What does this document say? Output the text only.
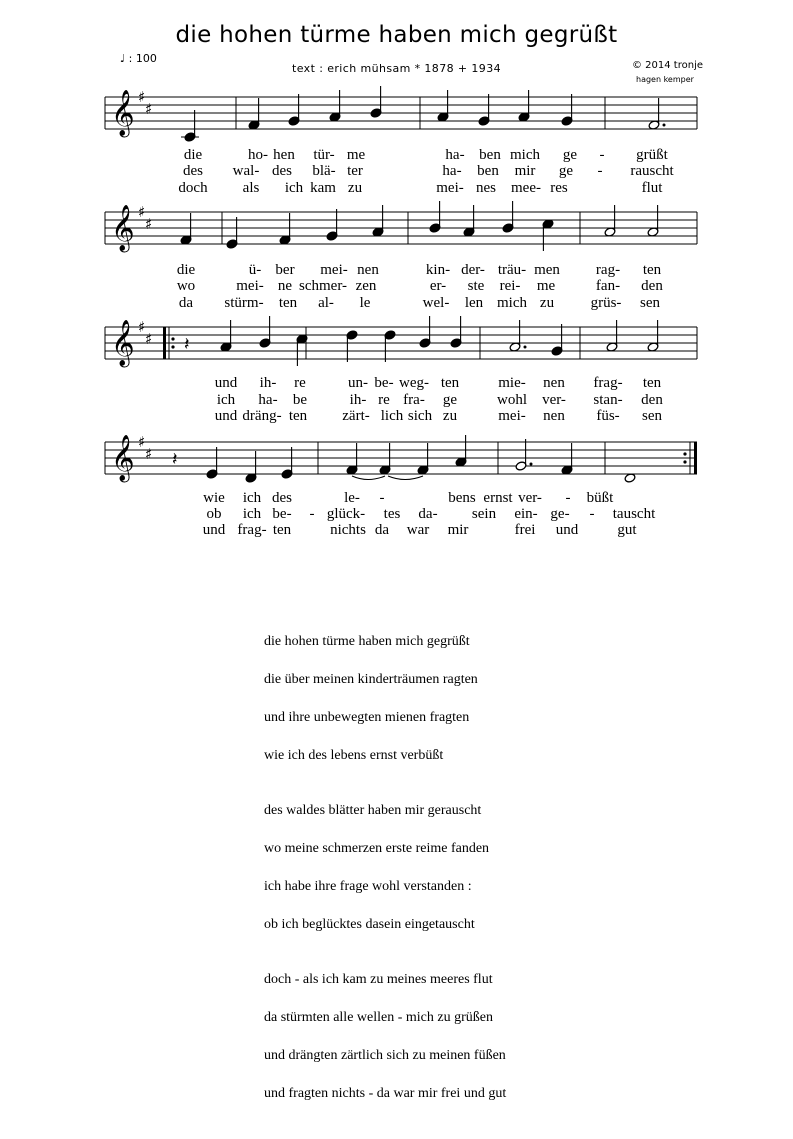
die hohen türme haben mich gegrüßt
♩ : 100
text : erich mühsam * 1878 + 1934	© 2014 tronje
hagen kemper
𝄞 ♯
♯
𝄞 ♯
♯
𝄞 ♯
♯ 𝄽
𝄞 ♯
♯ 𝄽
die	ho- hen tür- me	ha- ben mich ge - grüßt
des wal- des blä- ter	ha- ben mir ge - rauscht
doch als ich kam zu	mei- nes mee- res	flut
die	ü- ber mei- nen	kin- der- träu- men rag- ten
wo	mei- ne schmer- zen	er- ste rei- me	fan- den
da stürm- ten al- le	wel- len mich zu grüs- sen
und ih- re	un- be- weg- ten	mie- nen frag- ten
ich ha- be	ih- re fra- ge	wohl ver- stan- den
und dräng- ten zärt- lich sich zu	mei- nen füs- sen
wie ich des	le- -	bens ernst ver- - büßt
ob ich be- - glück- tes da- sein ein- ge- - tauscht
und frag- ten	nichts da war mir	frei und	gut
die hohen türme haben mich gegrüßt
die über meinen kinderträumen ragten
und ihre unbewegten mienen fragten
wie ich des lebens ernst verbüßt
des waldes blätter haben mir gerauscht
wo meine schmerzen erste reime fanden
ich habe ihre frage wohl verstanden :
ob ich beglücktes dasein eingetauscht
doch - als ich kam zu meines meeres flut
da stürmten alle wellen - mich zu grüßen
und drängten zärtlich sich zu meinen füßen
und fragten nichts - da war mir frei und gut
